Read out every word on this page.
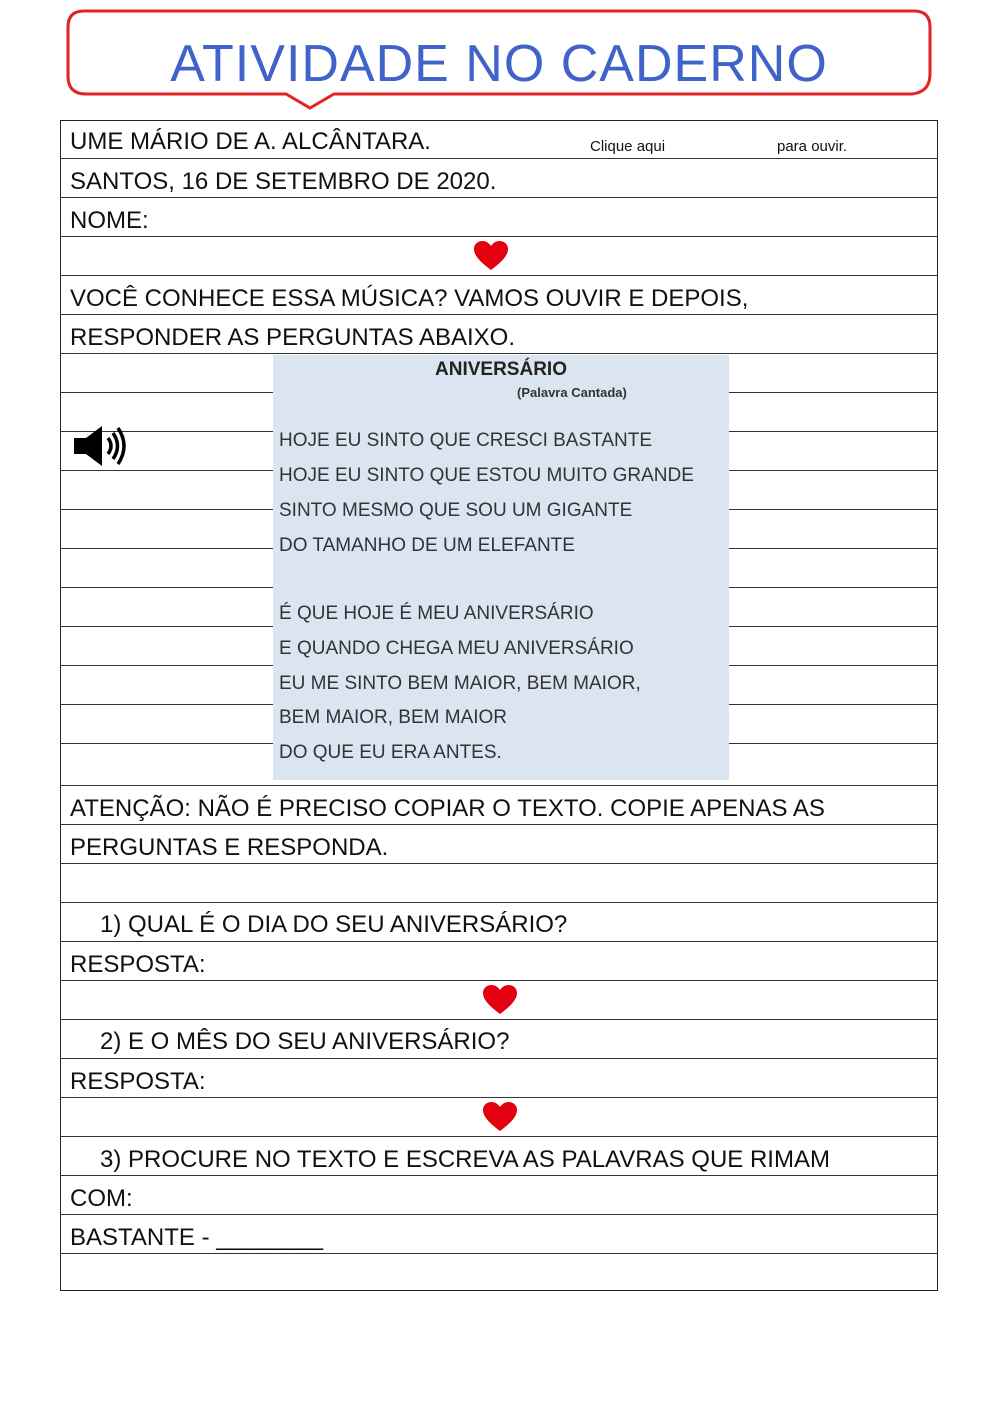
ATIVIDADE NO CADERNO
UME MÁRIO DE A. ALCÂNTARA.	Clique aqui	para ouvir.
SANTOS, 16 DE SETEMBRO DE 2020.
NOME:
VOCÊ CONHECE ESSA MÚSICA? VAMOS OUVIR E DEPOIS,
RESPONDER AS PERGUNTAS ABAIXO.
ANIVERSÁRIO
(Palavra Cantada)
HOJE EU SINTO QUE CRESCI BASTANTE
HOJE EU SINTO QUE ESTOU MUITO GRANDE
SINTO MESMO QUE SOU UM GIGANTE
DO TAMANHO DE UM ELEFANTE
É QUE HOJE É MEU ANIVERSÁRIO
E QUANDO CHEGA MEU ANIVERSÁRIO
EU ME SINTO BEM MAIOR, BEM MAIOR,
BEM MAIOR, BEM MAIOR
DO QUE EU ERA ANTES.
ATENÇÃO: NÃO É PRECISO COPIAR O TEXTO. COPIE APENAS AS
PERGUNTAS E RESPONDA.
1) QUAL É O DIA DO SEU ANIVERSÁRIO?
RESPOSTA:
2) E O MÊS DO SEU ANIVERSÁRIO?
RESPOSTA:
3) PROCURE NO TEXTO E ESCREVA AS PALAVRAS QUE RIMAM
COM:
BASTANTE - ________
